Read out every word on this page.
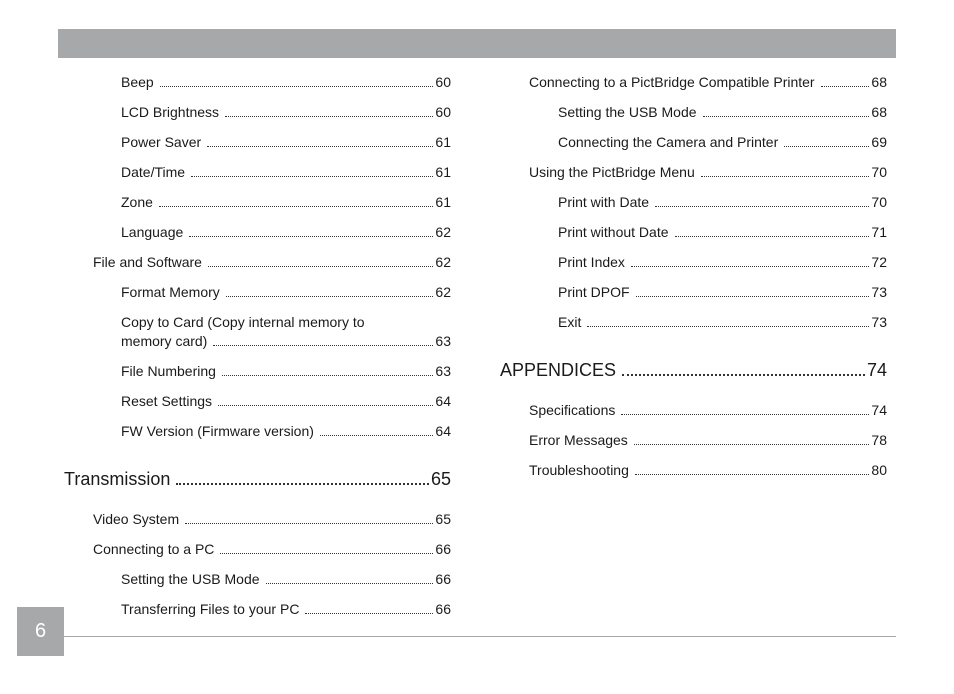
6
Beep	60
LCD Brightness	60
Power Saver	61
Date/Time	61
Zone	61
Language	62
File and Software	62
Format Memory	62
Copy to Card (Copy internal memory to
memory card)	63
File Numbering	63
Reset Settings	64
FW Version (Firmware version)	64
Transmission	65
Video System	65
Connecting to a PC	66
Setting the USB Mode	66
Transferring Files to your PC	66
Connecting to a PictBridge Compatible Printer	68
Setting the USB Mode	68
Connecting the Camera and Printer	69
Using the PictBridge Menu	70
Print with Date	70
Print without Date	71
Print Index	72
Print DPOF	73
Exit	73
APPENDICES	74
Specifications	74
Error Messages	78
Troubleshooting	80
